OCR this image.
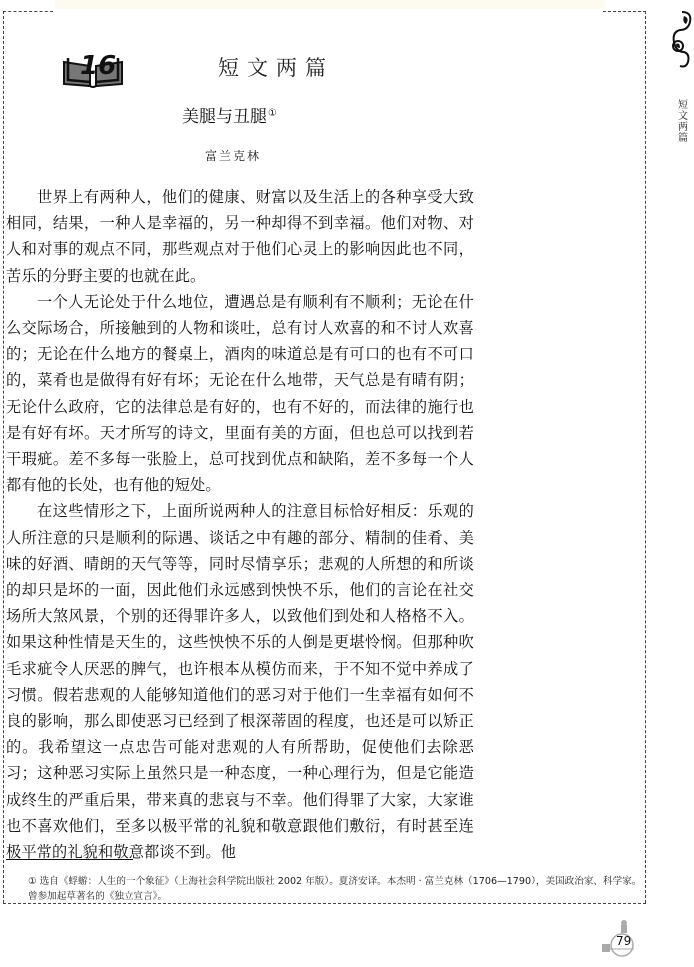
16	短文两篇
美腿与丑腿①
富兰克林

世界上有两种人，他们的健康、财富以及生活上的各种享受大致相同，结果，一种人是幸福的，另一种却得不到幸福。他们对物、对人和对事的观点不同，那些观点对于他们心灵上的影响因此也不同，苦乐的分野主要的也就在此。

一个人无论处于什么地位，遭遇总是有顺利有不顺利；无论在什么交际场合，所接触到的人物和谈吐，总有讨人欢喜的和不讨人欢喜的；无论在什么地方的餐桌上，酒肉的味道总是有可口的也有不可口的，菜肴也是做得有好有坏；无论在什么地带，天气总是有晴有阴；无论什么政府，它的法律总是有好的，也有不好的，而法律的施行也是有好有坏。天才所写的诗文，里面有美的方面，但也总可以找到若干瑕疵。差不多每一张脸上，总可找到优点和缺陷，差不多每一个人都有他的长处，也有他的短处。

在这些情形之下，上面所说两种人的注意目标恰好相反：乐观的人所注意的只是顺利的际遇、谈话之中有趣的部分、精制的佳肴、美味的好酒、晴朗的天气等等，同时尽情享乐；悲观的人所想的和所谈的却只是坏的一面，因此他们永远感到怏怏不乐，他们的言论在社交场所大煞风景，个别的还得罪许多人，以致他们到处和人格格不入。如果这种性情是天生的，这些怏怏不乐的人倒是更堪怜悯。但那种吹毛求疵令人厌恶的脾气，也许根本从模仿而来，于不知不觉中养成了习惯。假若悲观的人能够知道他们的恶习对于他们一生幸福有如何不良的影响，那么即使恶习已经到了根深蒂固的程度，也还是可以矫正的。我希望这一点忠告可能对悲观的人有所帮助，促使他们去除恶习；这种恶习实际上虽然只是一种态度，一种心理行为，但是它能造成终生的严重后果，带来真的悲哀与不幸。他们得罪了大家，大家谁也不喜欢他们，至多以极平常的礼貌和敬意跟他们敷衍，有时甚至连极平常的礼貌和敬意都谈不到。他

① 选自《蜉蝣：人生的一个象征》（上海社会科学院出版社 2002 年版）。夏济安译。本杰明 · 富兰克林（1706—1790），美国政治家、科学家。曾参加起草著名的《独立宣言》。
短文两篇
79
